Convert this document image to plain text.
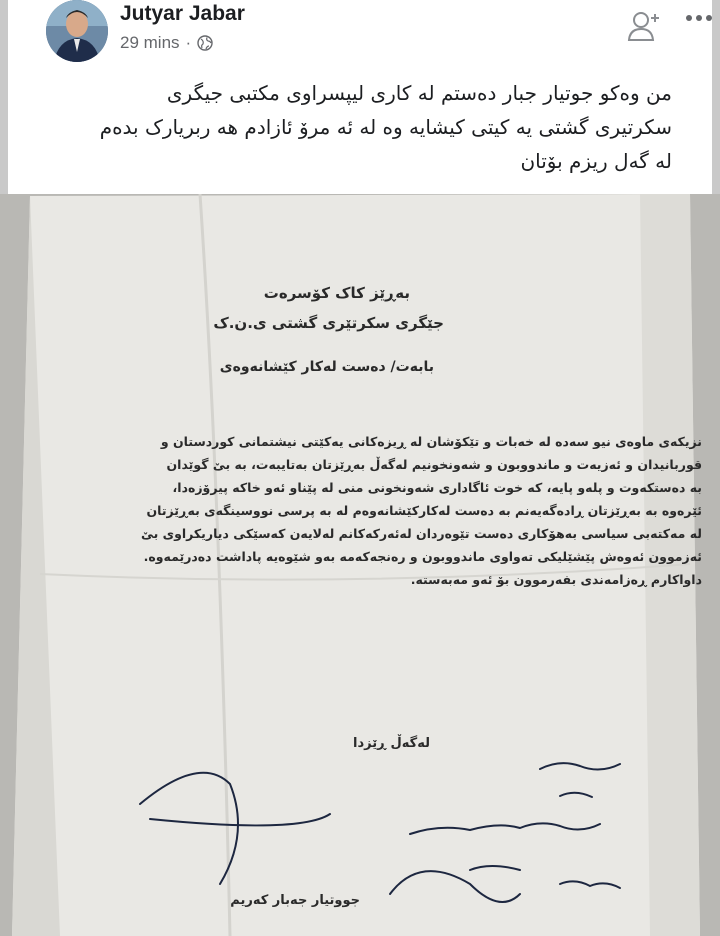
Jutyar Jabar
29 mins ·
من وەکو جوتیار جبار دەستم لە کاری لیپسراوی مکتبی جیگری
سکرتیری گشتی یە کیتی کیشایە وە لە ئە مرۆ ئازادم هە ربریارک بدەم
لە گەل ریزم بۆتان
بەڕێز کاک کۆسرەت
جێگری سکرتێری گشتی ی.ن.ک
بابەت/ دەست لەکار کێشانەوەی
نزیکەی ماوەی نیو سەدە لە خەبات و تێکۆشان لە ڕیزەکانی یەکێتی نیشتمانی کوردستان و
قوربانیدان و ئەزیەت و ماندووبون و شەونخونیم لەگەڵ بەڕێزتان بەتایبەت، بە بێ گوێدان
بە دەستکەوت و پلەو پایە، کە خوت ئاگاداری شەونخونی منی لە پێناو ئەو خاکە پیرۆزەدا،
ئێرەوە بە بەڕێزتان ڕادەگەیەنم بە دەست لەکارکێشانەوەم لە بە پرسی نووسینگەی بەڕێزتان
لە مەکتەبی سیاسی بەهۆکاری دەست تێوەردان لەئەرکەکانم لەلایەن کەسێکی دیاریکراوی بێ
ئەزموون ئەوەش پێشێلیکی تەواوی ماندووبون و رەنجەکەمە بەو شێوەیە پاداشت دەدرێمەوە.
داواکارم ڕەزامەندی بفەرموون بۆ ئەو مەبەستە.
لەگەڵ ڕێزدا
جووتیار جەبار کەریم
